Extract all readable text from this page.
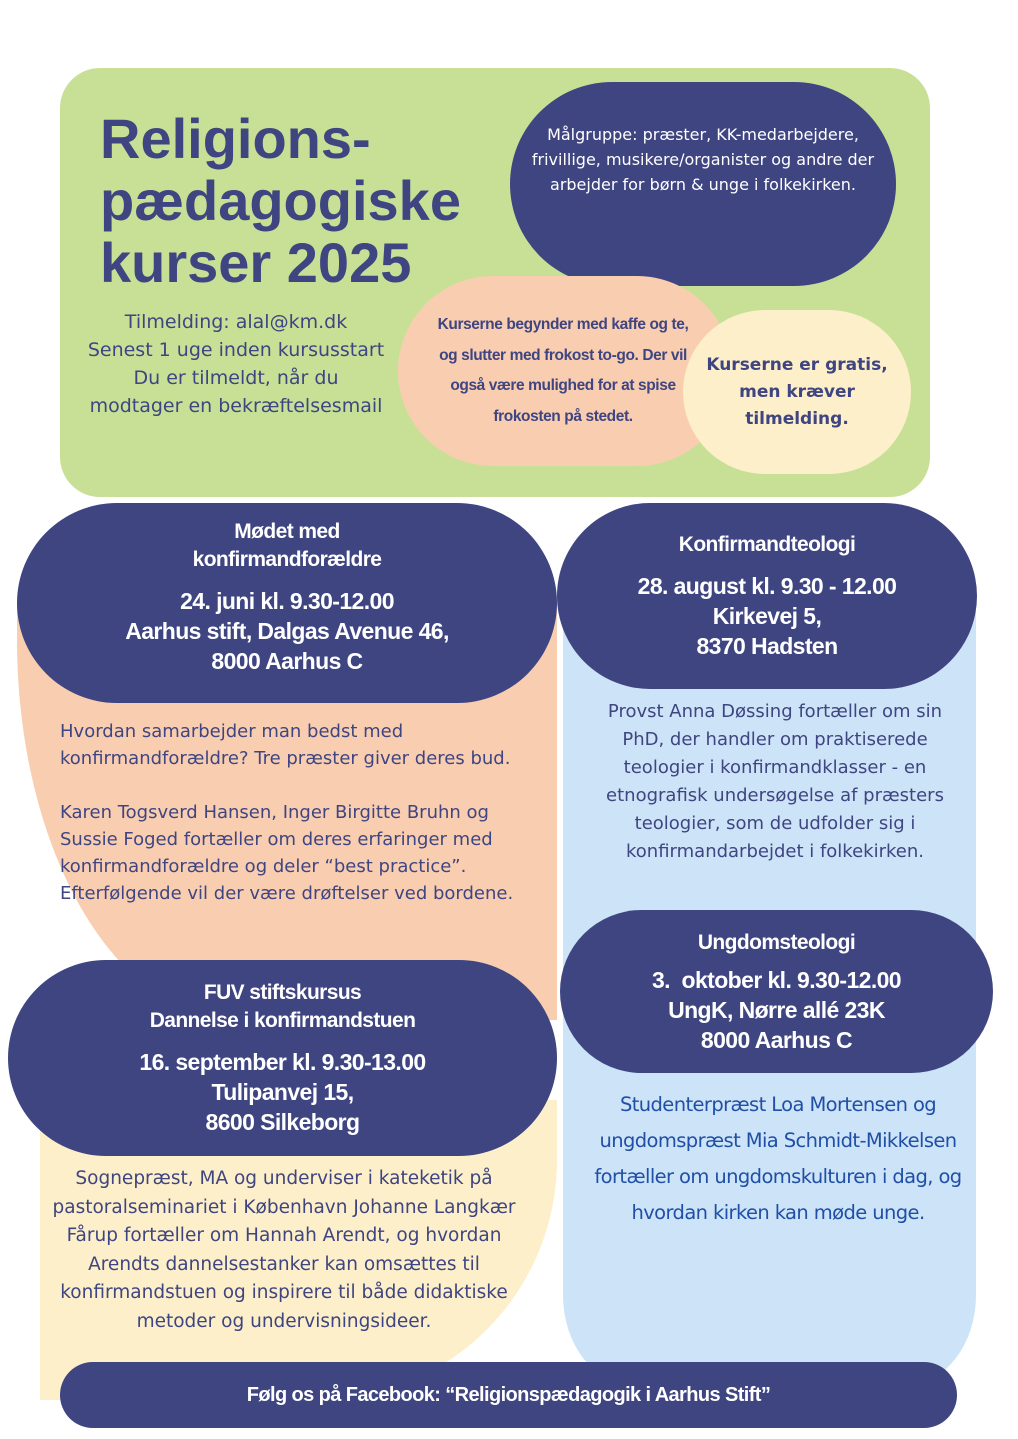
Religions-
pædagogiske
kurser 2025
Tilmelding: alal@km.dk
Senest 1 uge inden kursusstart
Du er tilmeldt, når du
modtager en bekræftelsesmail
Målgruppe: præster, KK-medarbejdere, frivillige, musikere/organister og andre der arbejder for børn & unge i folkekirken.
Kurserne begynder med kaffe og te, og slutter med frokost to-go. Der vil også være mulighed for at spise frokosten på stedet.
Kurserne er gratis, men kræver tilmelding.
Mødet med
konfirmandforældre
24. juni kl. 9.30-12.00
Aarhus stift, Dalgas Avenue 46,
8000 Aarhus C

Hvordan samarbejder man bedst med konfirmandforældre? Tre præster giver deres bud.

Karen Togsverd Hansen, Inger Birgitte Bruhn og Sussie Foged fortæller om deres erfaringer med konfirmandforældre og deler “best practice”. Efterfølgende vil der være drøftelser ved bordene.

Konfirmandteologi
28. august kl. 9.30 - 12.00
Kirkevej 5,
8370 Hadsten
Provst Anna Døssing fortæller om sin PhD, der handler om praktiserede teologier i konfirmandklasser - en etnografisk undersøgelse af præsters teologier, som de udfolder sig i konfirmandarbejdet i folkekirken.
Ungdomsteologi
3.  oktober kl. 9.30-12.00
UngK, Nørre allé 23K
8000 Aarhus C
Studenterpræst Loa Mortensen og ungdomspræst Mia Schmidt-Mikkelsen fortæller om ungdomskulturen i dag, og hvordan kirken kan møde unge.
FUV stiftskursus
Dannelse i konfirmandstuen
16. september kl. 9.30-13.00
Tulipanvej 15,
8600 Silkeborg
Sognepræst, MA og underviser i kateketik på pastoralseminariet i København Johanne Langkær Fårup fortæller om Hannah Arendt, og hvordan Arendts dannelsestanker kan omsættes til konfirmandstuen og inspirere til både didaktiske metoder og undervisningsideer.
Følg os på Facebook: “Religionspædagogik i Aarhus Stift”
